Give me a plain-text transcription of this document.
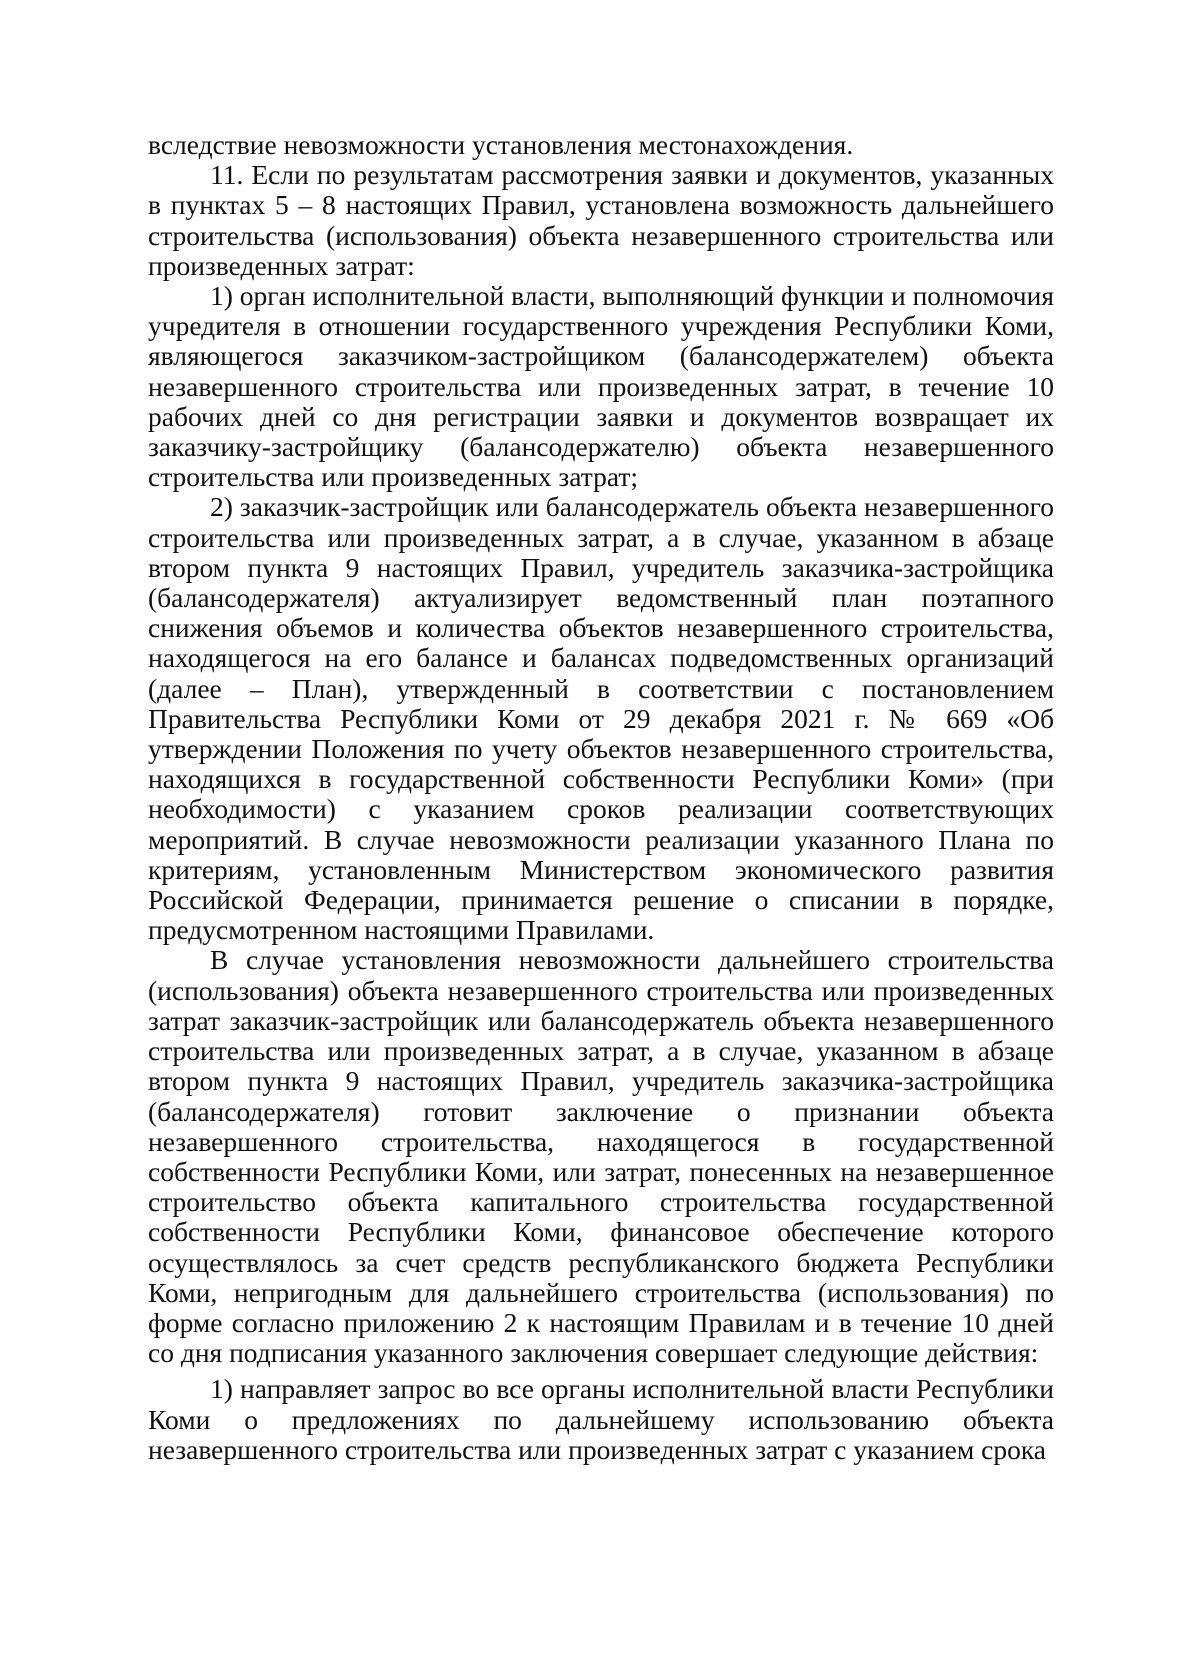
вследствие невозможности установления местонахождения.

11. Если по результатам рассмотрения заявки и документов, указанных в пунктах 5 – 8 настоящих Правил, установлена возможность дальнейшего строительства (использования) объекта незавершенного строительства или произведенных затрат:

1) орган исполнительной власти, выполняющий функции и полномочия учредителя в отношении государственного учреждения Республики Коми, являющегося заказчиком-застройщиком (балансодержателем) объекта незавершенного строительства или произведенных затрат, в течение 10 рабочих дней со дня регистрации заявки и документов возвращает их заказчику-застройщику (балансодержателю) объекта незавершенного строительства или произведенных затрат;

2) заказчик-застройщик или балансодержатель объекта незавершенного строительства или произведенных затрат, а в случае, указанном в абзаце втором пункта 9 настоящих Правил, учредитель заказчика-застройщика (балансодержателя) актуализирует ведомственный план поэтапного снижения объемов и количества объектов незавершенного строительства, находящегося на его балансе и балансах подведомственных организаций (далее – План), утвержденный в соответствии с постановлением Правительства Республики Коми от 29 декабря 2021 г. № 669 «Об утверждении Положения по учету объектов незавершенного строительства, находящихся в государственной собственности Республики Коми» (при необходимости) с указанием сроков реализации соответствующих мероприятий. В случае невозможности реализации указанного Плана по критериям, установленным Министерством экономического развития Российской Федерации, принимается решение о списании в порядке, предусмотренном настоящими Правилами.

В случае установления невозможности дальнейшего строительства (использования) объекта незавершенного строительства или произведенных затрат заказчик-застройщик или балансодержатель объекта незавершенного строительства или произведенных затрат, а в случае, указанном в абзаце втором пункта 9 настоящих Правил, учредитель заказчика-застройщика (балансодержателя) готовит заключение о признании объекта незавершенного строительства, находящегося в государственной собственности Республики Коми, или затрат, понесенных на незавершенное строительство объекта капитального строительства государственной собственности Республики Коми, финансовое обеспечение которого осуществлялось за счет средств республиканского бюджета Республики Коми, непригодным для дальнейшего строительства (использования) по форме согласно приложению 2 к настоящим Правилам и в течение 10 дней со дня подписания указанного заключения совершает следующие действия:

1) направляет запрос во все органы исполнительной власти Республики Коми о предложениях по дальнейшему использованию объекта незавершенного строительства или произведенных затрат с указанием срока
